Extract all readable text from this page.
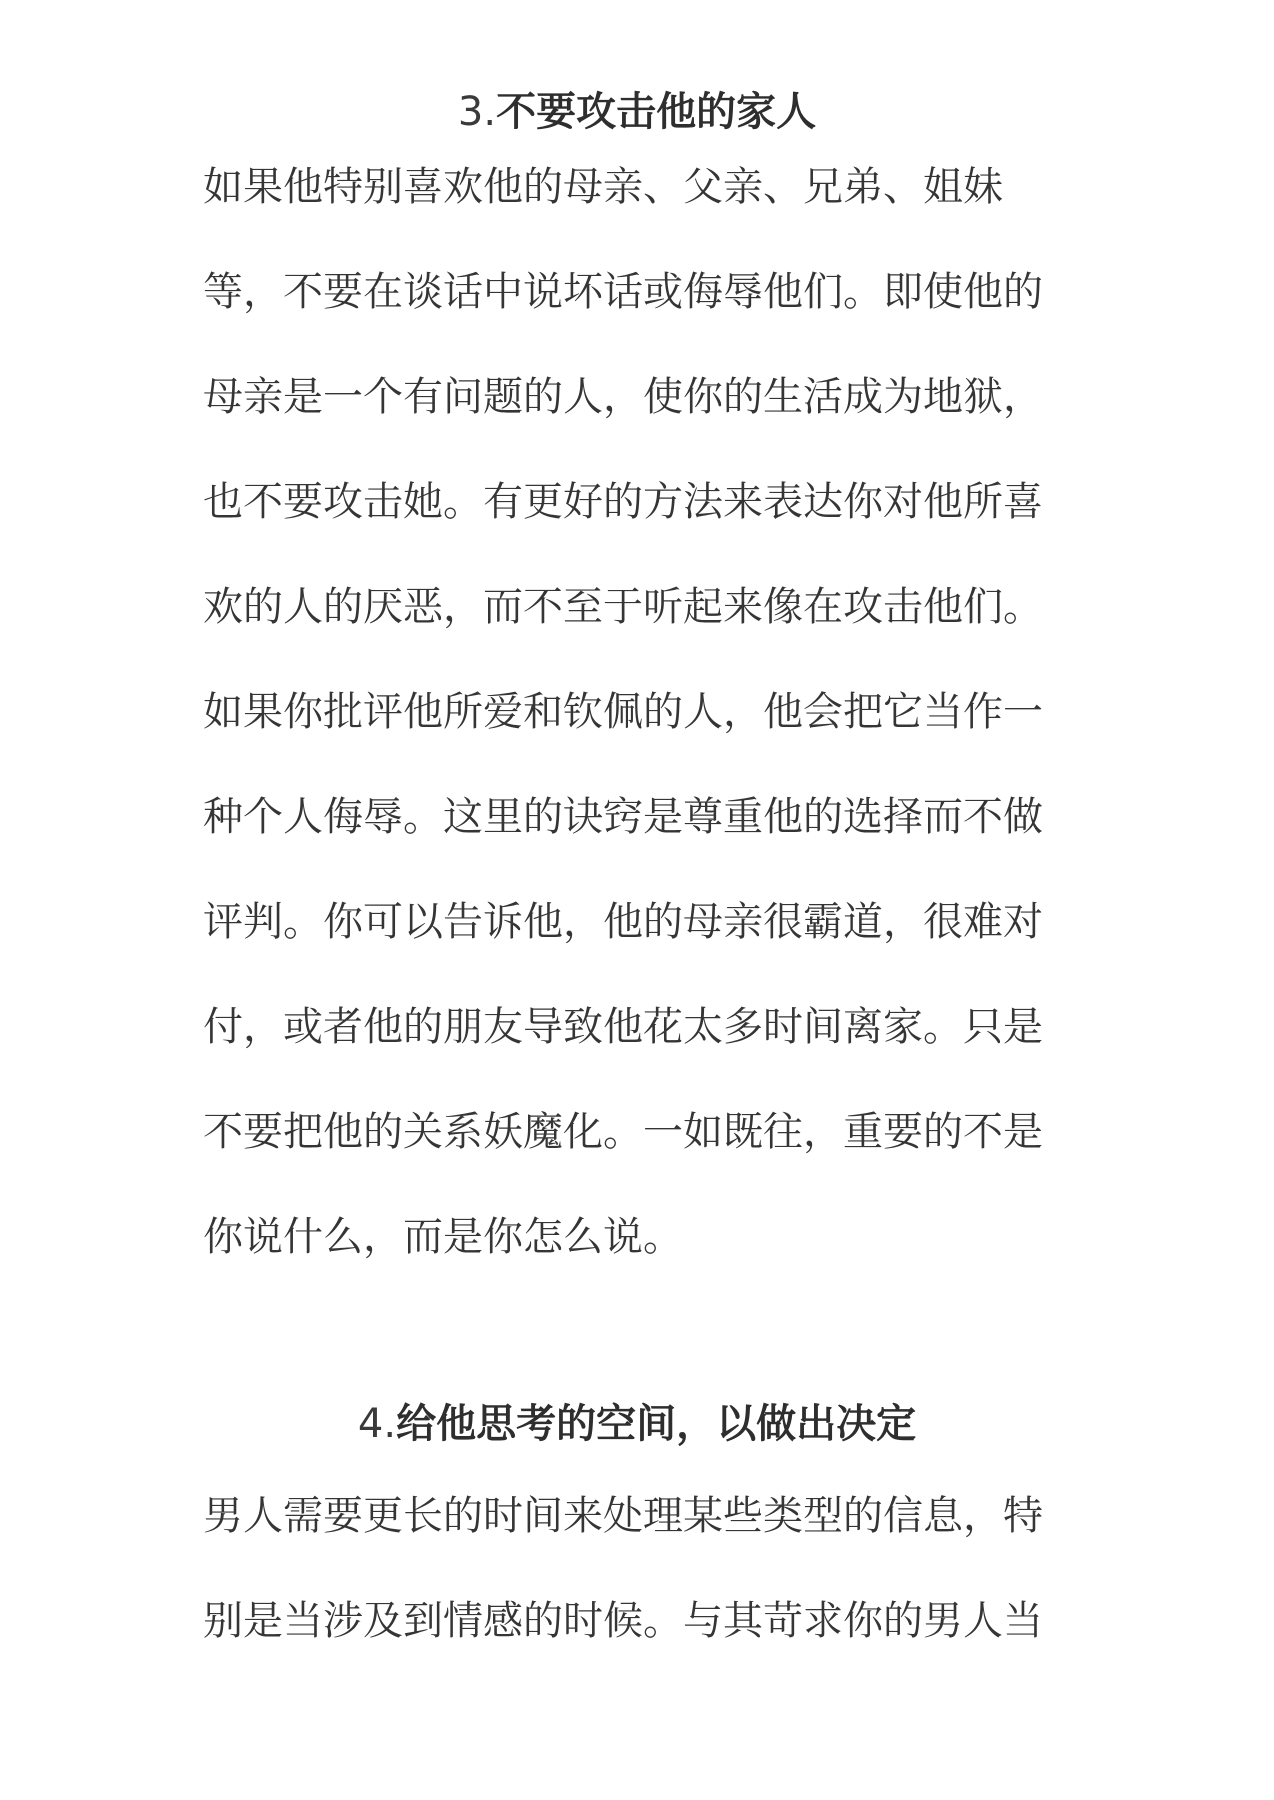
3.不要攻击他的家人

如果他特别喜欢他的母亲、父亲、兄弟、姐妹

等，不要在谈话中说坏话或侮辱他们。即使他的

母亲是一个有问题的人，使你的生活成为地狱，

也不要攻击她。有更好的方法来表达你对他所喜

欢的人的厌恶，而不至于听起来像在攻击他们。

如果你批评他所爱和钦佩的人，他会把它当作一

种个人侮辱。这里的诀窍是尊重他的选择而不做

评判。你可以告诉他，他的母亲很霸道，很难对

付，或者他的朋友导致他花太多时间离家。只是

不要把他的关系妖魔化。一如既往，重要的不是

你说什么，而是你怎么说。

4.给他思考的空间，以做出决定

男人需要更长的时间来处理某些类型的信息，特

别是当涉及到情感的时候。与其苛求你的男人当
